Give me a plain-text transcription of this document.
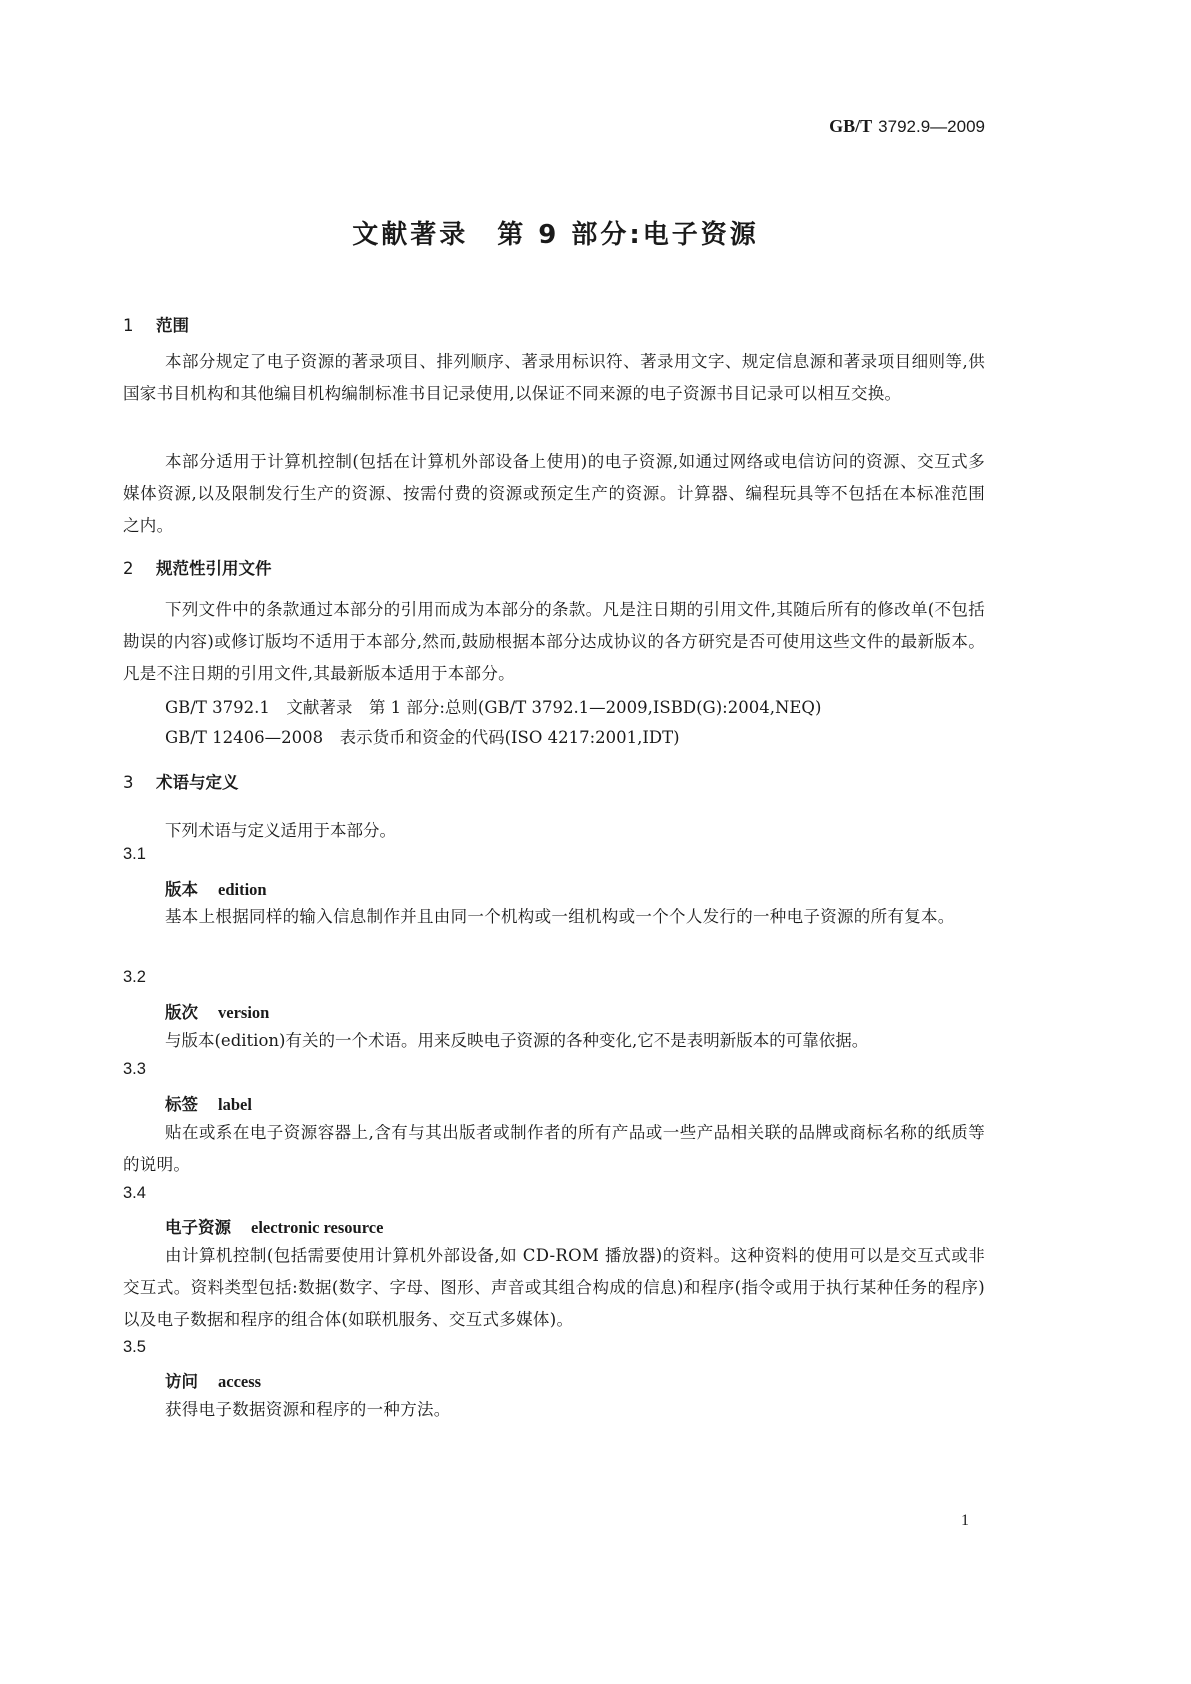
GB/T 3792.9—2009
文献著录　第 9 部分:电子资源
1 范围
本部分规定了电子资源的著录项目、排列顺序、著录用标识符、著录用文字、规定信息源和著录项目细则等,供国家书目机构和其他编目机构编制标准书目记录使用,以保证不同来源的电子资源书目记录可以相互交换。
本部分适用于计算机控制(包括在计算机外部设备上使用)的电子资源,如通过网络或电信访问的资源、交互式多媒体资源,以及限制发行生产的资源、按需付费的资源或预定生产的资源。计算器、编程玩具等不包括在本标准范围之内。
2 规范性引用文件
下列文件中的条款通过本部分的引用而成为本部分的条款。凡是注日期的引用文件,其随后所有的修改单(不包括勘误的内容)或修订版均不适用于本部分,然而,鼓励根据本部分达成协议的各方研究是否可使用这些文件的最新版本。凡是不注日期的引用文件,其最新版本适用于本部分。
GB/T 3792.1　文献著录　第 1 部分:总则(GB/T 3792.1—2009,ISBD(G):2004,NEQ)
GB/T 12406—2008　表示货币和资金的代码(ISO 4217:2001,IDT)
3 术语与定义
下列术语与定义适用于本部分。
3.1
版本 edition
基本上根据同样的输入信息制作并且由同一个机构或一组机构或一个个人发行的一种电子资源的所有复本。
3.2
版次 version
与版本(edition)有关的一个术语。用来反映电子资源的各种变化,它不是表明新版本的可靠依据。
3.3
标签 label
贴在或系在电子资源容器上,含有与其出版者或制作者的所有产品或一些产品相关联的品牌或商标名称的纸质等的说明。
3.4
电子资源 electronic resource
由计算机控制(包括需要使用计算机外部设备,如 CD-ROM 播放器)的资料。这种资料的使用可以是交互式或非交互式。资料类型包括:数据(数字、字母、图形、声音或其组合构成的信息)和程序(指令或用于执行某种任务的程序)以及电子数据和程序的组合体(如联机服务、交互式多媒体)。
3.5
访问 access
获得电子数据资源和程序的一种方法。
1
